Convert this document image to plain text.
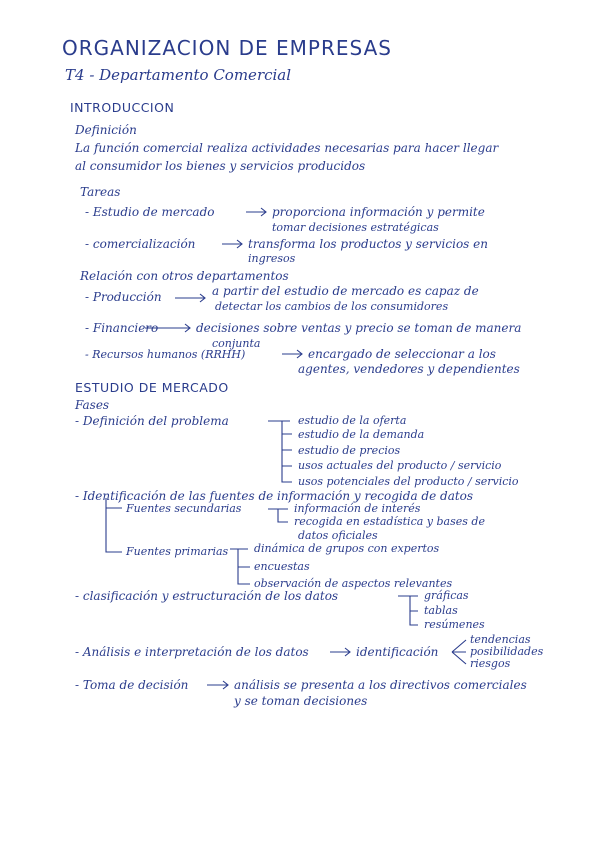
ORGANIZACION DE EMPRESAS
T4 - Departamento Comercial
INTRODUCCION
Definición
La función comercial realiza actividades necesarias para hacer llegar
al consumidor los bienes y servicios producidos
Tareas
- Estudio de mercado	proporciona información y permite
tomar decisiones estratégicas
- comercialización	transforma los productos y servicios en
ingresos
Relación con otros departamentos
- Producción	a partir del estudio de mercado es capaz de
detectar los cambios de los consumidores
- Financiero	decisiones sobre ventas y precio se toman de manera
conjunta
- Recursos humanos (RRHH)	encargado de seleccionar a los
agentes, vendedores y dependientes
ESTUDIO DE MERCADO
Fases
- Definición del problema	estudio de la oferta
estudio de la demanda
estudio de precios
usos actuales del producto / servicio
usos potenciales del producto / servicio
- Identificación de las fuentes de información y recogida de datos
Fuentes secundarias	información de interés
recogida en estadística y bases de
datos oficiales
Fuentes primarias dinámica de grupos con expertos
encuestas
observación de aspectos relevantes
- clasificación y estructuración de los datos	gráficas
tablas
resúmenes
- Análisis e interpretación de los datos	identificación
tendencias
posibilidades
riesgos
- Toma de decisión	análisis se presenta a los directivos comerciales
y se toman decisiones
